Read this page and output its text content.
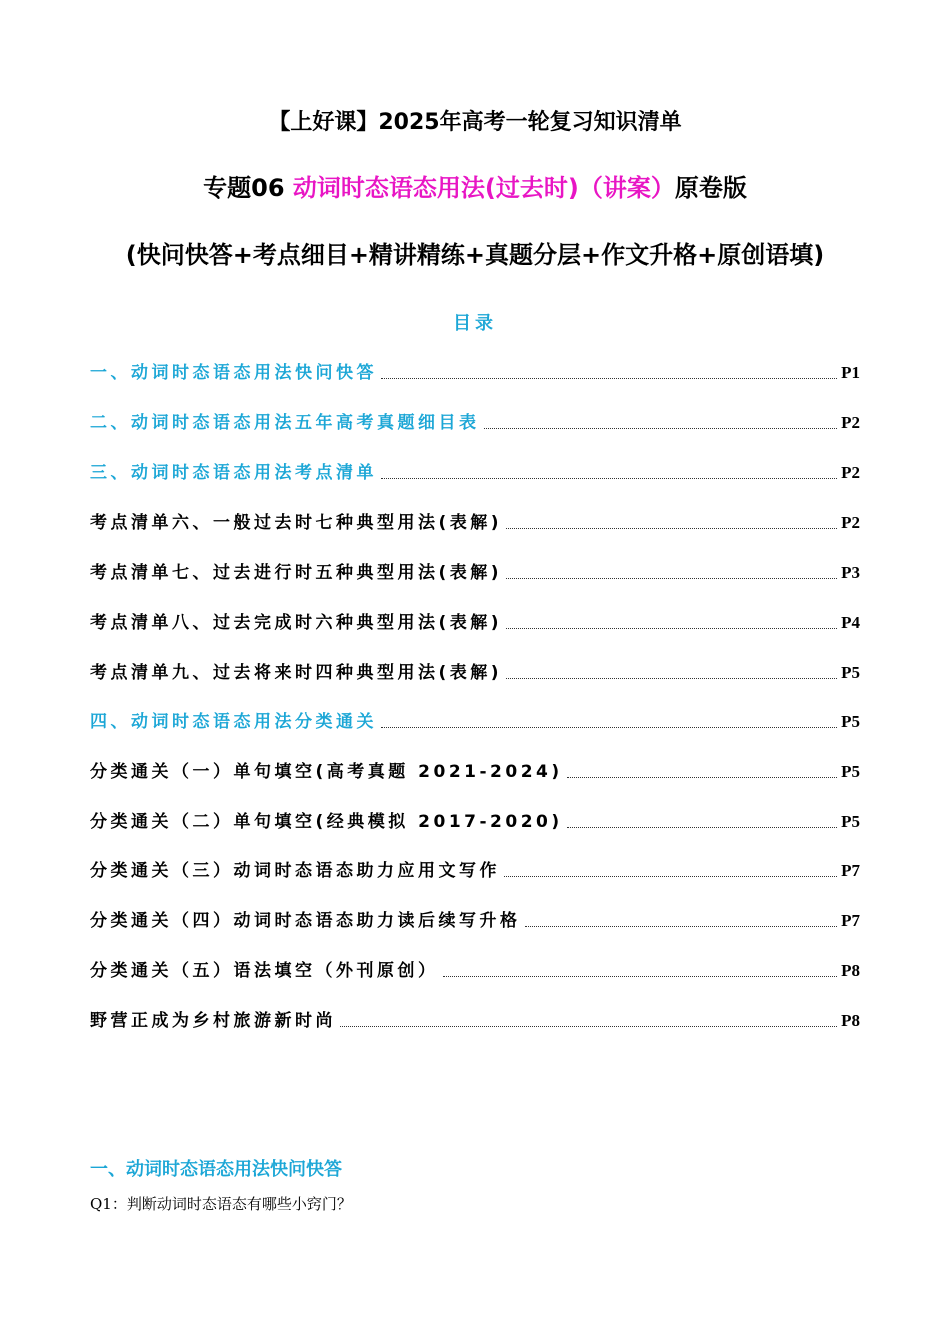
【上好课】2025年高考一轮复习知识清单
专题06 动词时态语态用法(过去时)（讲案）原卷版
(快问快答+考点细目+精讲精练+真题分层+作文升格+原创语填)
目录
一、动词时态语态用法快问快答	P1
二、动词时态语态用法五年高考真题细目表	P2
三、动词时态语态用法考点清单	P2
考点清单六、一般过去时七种典型用法(表解)	P2
考点清单七、过去进行时五种典型用法(表解)	P3
考点清单八、过去完成时六种典型用法(表解)	P4
考点清单九、过去将来时四种典型用法(表解)	P5
四、动词时态语态用法分类通关	P5
分类通关（一）单句填空(高考真题 2021-2024)	P5
分类通关（二）单句填空(经典模拟 2017-2020)	P5
分类通关（三）动词时态语态助力应用文写作	P7
分类通关（四）动词时态语态助力读后续写升格	P7
分类通关（五）语法填空（外刊原创）	P8
野营正成为乡村旅游新时尚	P8
一、动词时态语态用法快问快答
Q1：判断动词时态语态有哪些小窍门？
